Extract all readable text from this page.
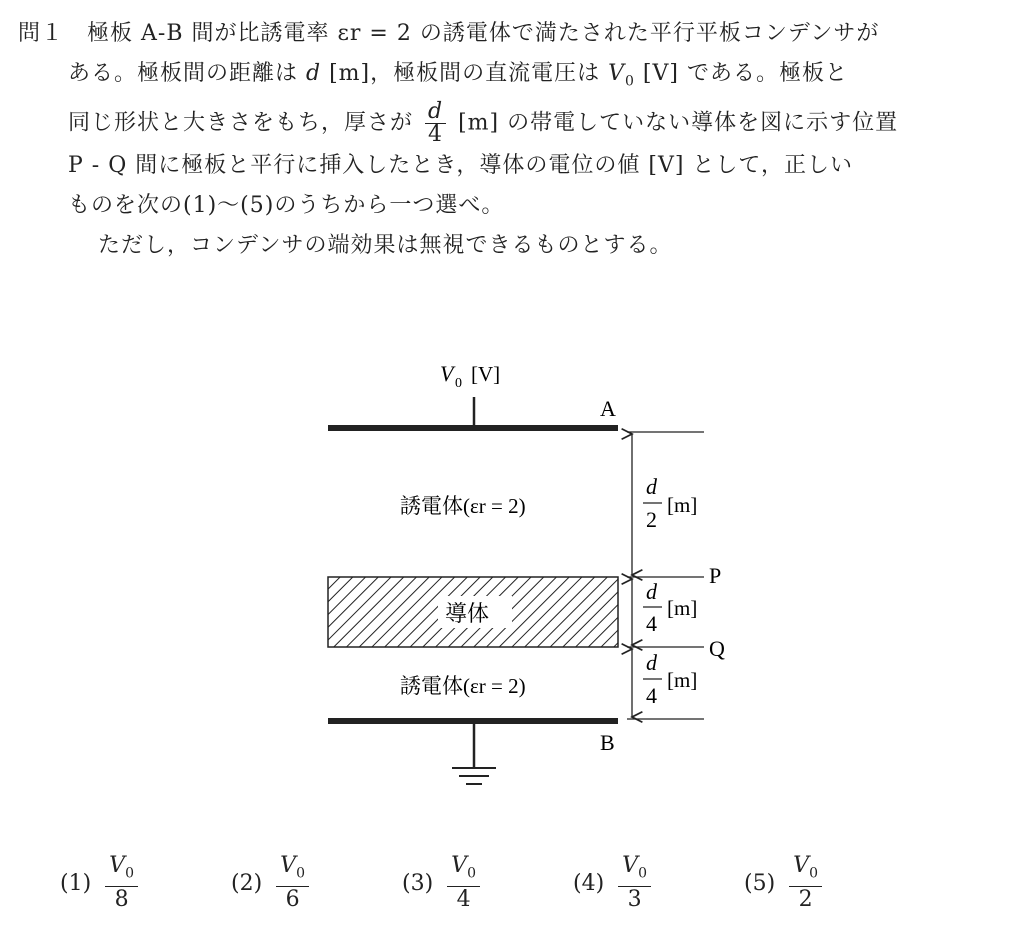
問１　 極板 A-B 間が比誘電率 εr = 2 の誘電体で満たされた平行平板コンデンサが

ある。極板間の距離は d [m]，極板間の直流電圧は $V_0$ [V] である。極板と

同じ形状と大きさをもち，厚さが $\frac{d}{4} [m]$ の帯電していない導体を図に示す位置

P - Q 間に極板と平行に挿入したとき，導体の電位の値 [V] として，正しい

ものを次の(1)～(5)のうちから一つ選べ。

ただし，コンデンサの端効果は無視できるものとする。

V 0 [V]
A
d
2
[m]
d
4
[m]
d
4
[m]
P
Q
誘電体(εr = 2)
導体
誘電体(εr = 2)
B
(1)
$V_0$
8
(2)
$V_0$
6
(3)
$V_0$
4
(4)
$V_0$
3
(5)
$V_0$
2
